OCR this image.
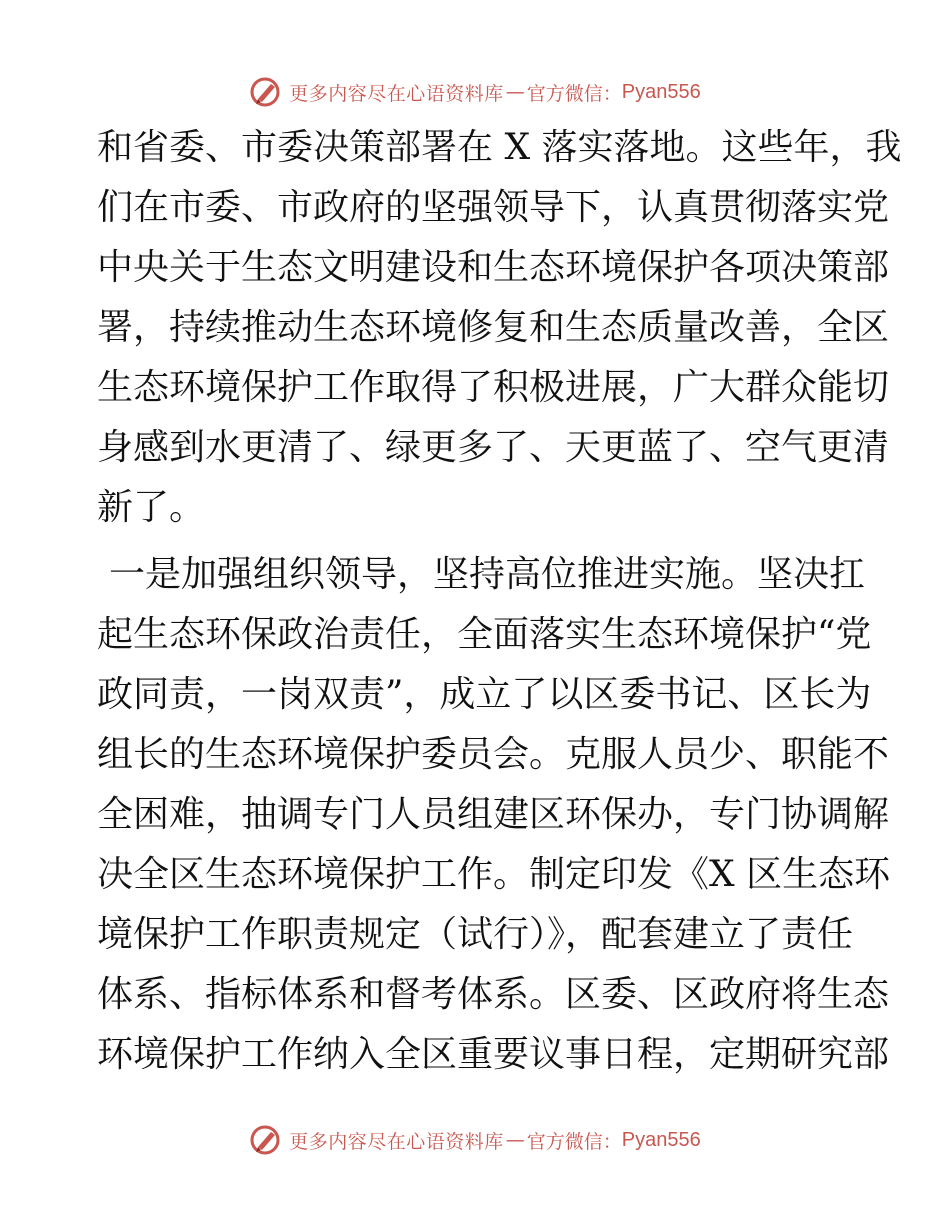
更多内容尽在心语资料库 — 官方微信： Pyan556
和省委、市委决策部署在 X 落实落地。这些年，我
们在市委、市政府的坚强领导下，认真贯彻落实党
中央关于生态文明建设和生态环境保护各项决策部
署，持续推动生态环境修复和生态质量改善，全区
生态环境保护工作取得了积极进展，广大群众能切
身感到水更清了、绿更多了、天更蓝了、空气更清
新了。
一是加强组织领导，坚持高位推进实施。坚决扛
起生态环保政治责任，全面落实生态环境保护“党
政同责，一岗双责”，成立了以区委书记、区长为
组长的生态环境保护委员会。克服人员少、职能不
全困难，抽调专门人员组建区环保办，专门协调解
决全区生态环境保护工作。制定印发《X 区生态环
境保护工作职责规定（试行）》，配套建立了责任
体系、指标体系和督考体系。区委、区政府将生态
环境保护工作纳入全区重要议事日程，定期研究部
更多内容尽在心语资料库 — 官方微信： Pyan556
